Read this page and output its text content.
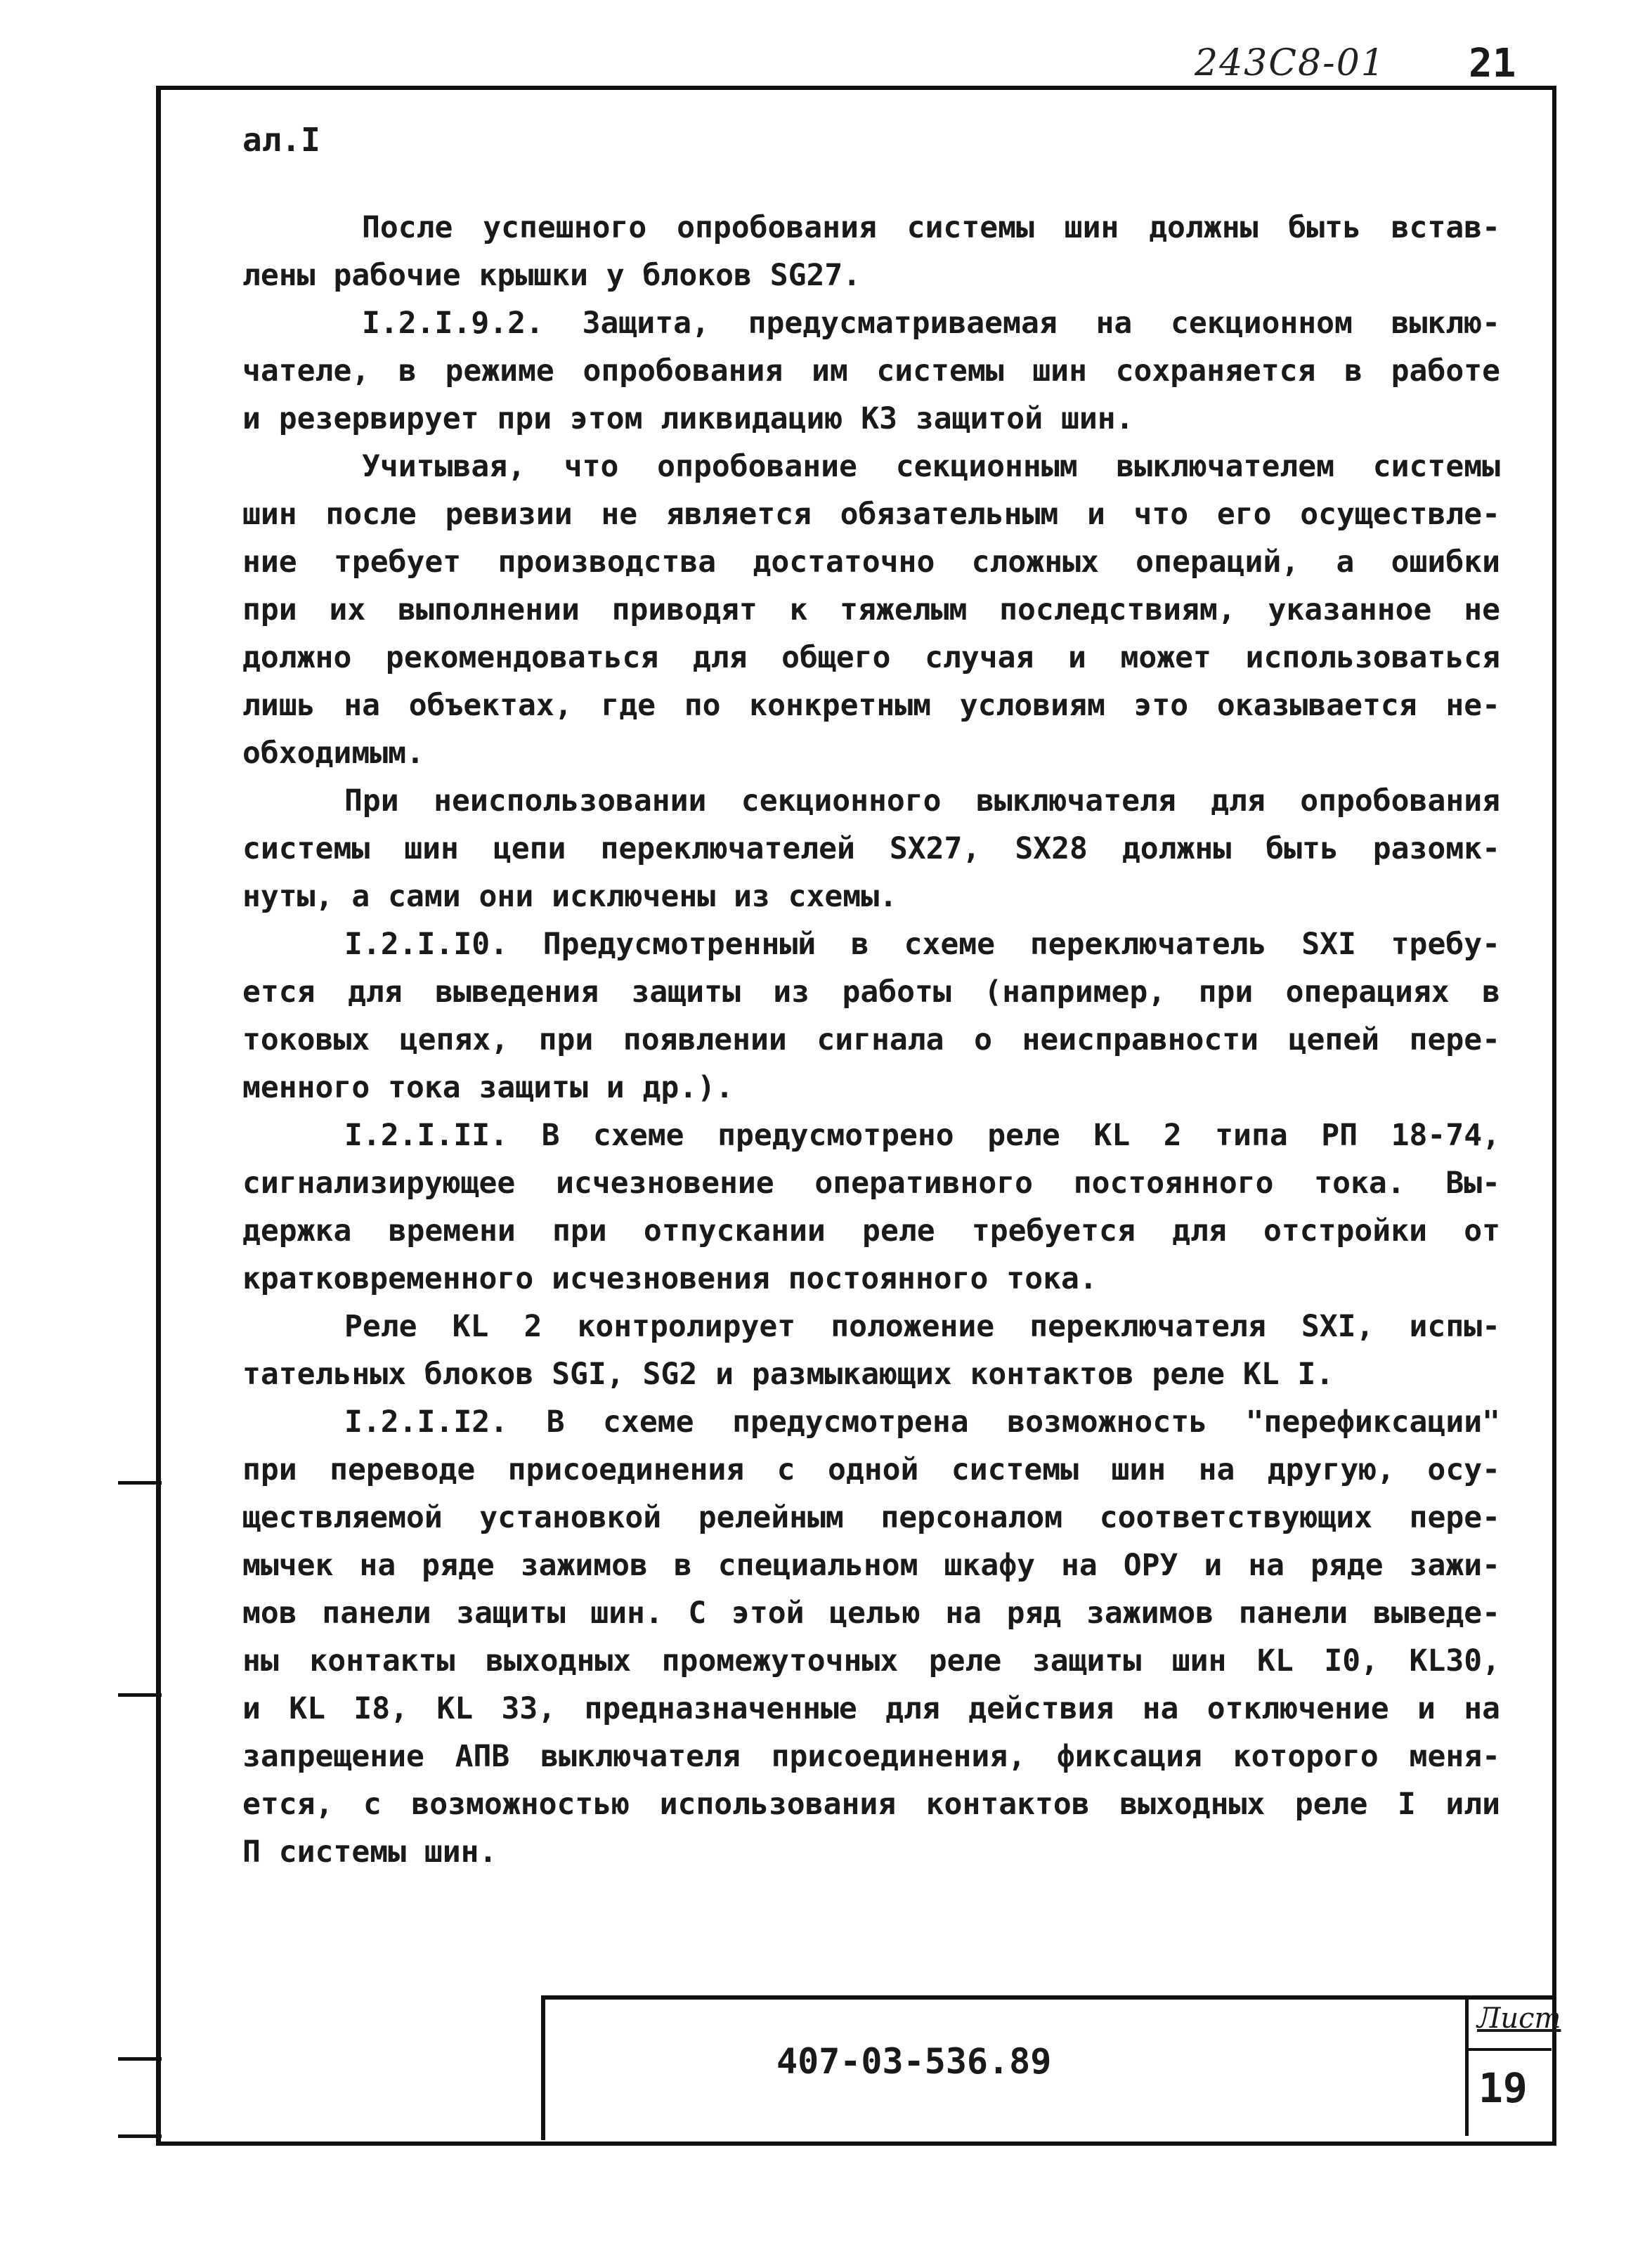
243С8-01 21
ал.I
После успешного опробования системы шин должны быть встав-
лены рабочие крышки у блоков SG27.
I.2.I.9.2. Защита, предусматриваемая на секционном выклю-
чателе, в режиме опробования им системы шин сохраняется в работе
и резервирует при этом ликвидацию КЗ защитой шин.
Учитывая, что опробование секционным выключателем системы
шин после ревизии не является обязательным и что его осуществле-
ние требует производства достаточно сложных операций, а ошибки
при их выполнении приводят к тяжелым последствиям, указанное не
должно рекомендоваться для общего случая и может использоваться
лишь на объектах, где по конкретным условиям это оказывается не-
обходимым.
При неиспользовании секционного выключателя для опробования
системы шин цепи переключателей SX27, SX28 должны быть разомк-
нуты, а сами они исключены из схемы.
I.2.I.I0. Предусмотренный в схеме переключатель SXI требу-
ется для выведения защиты из работы (например, при операциях в
токовых цепях, при появлении сигнала о неисправности цепей пере-
менного тока защиты и др.).
I.2.I.II. В схеме предусмотрено реле KL 2 типа РП 18-74,
сигнализирующее исчезновение оперативного постоянного тока. Вы-
держка времени при отпускании реле требуется для отстройки от
кратковременного исчезновения постоянного тока.
Реле KL 2 контролирует положение переключателя SXI, испы-
тательных блоков SGI, SG2 и размыкающих контактов реле KL I.
I.2.I.I2. В схеме предусмотрена возможность "перефиксации"
при переводе присоединения с одной системы шин на другую, осу-
ществляемой установкой релейным персоналом соответствующих пере-
мычек на ряде зажимов в специальном шкафу на ОРУ и на ряде зажи-
мов панели защиты шин. С этой целью на ряд зажимов панели выведе-
ны контакты выходных промежуточных реле защиты шин KL I0, KL30,
и KL I8, KL 33, предназначенные для действия на отключение и на
запрещение АПВ выключателя присоединения, фиксация которого меня-
ется, с возможностью использования контактов выходных реле I или
П системы шин.
407-03-536.89
Лист
19
